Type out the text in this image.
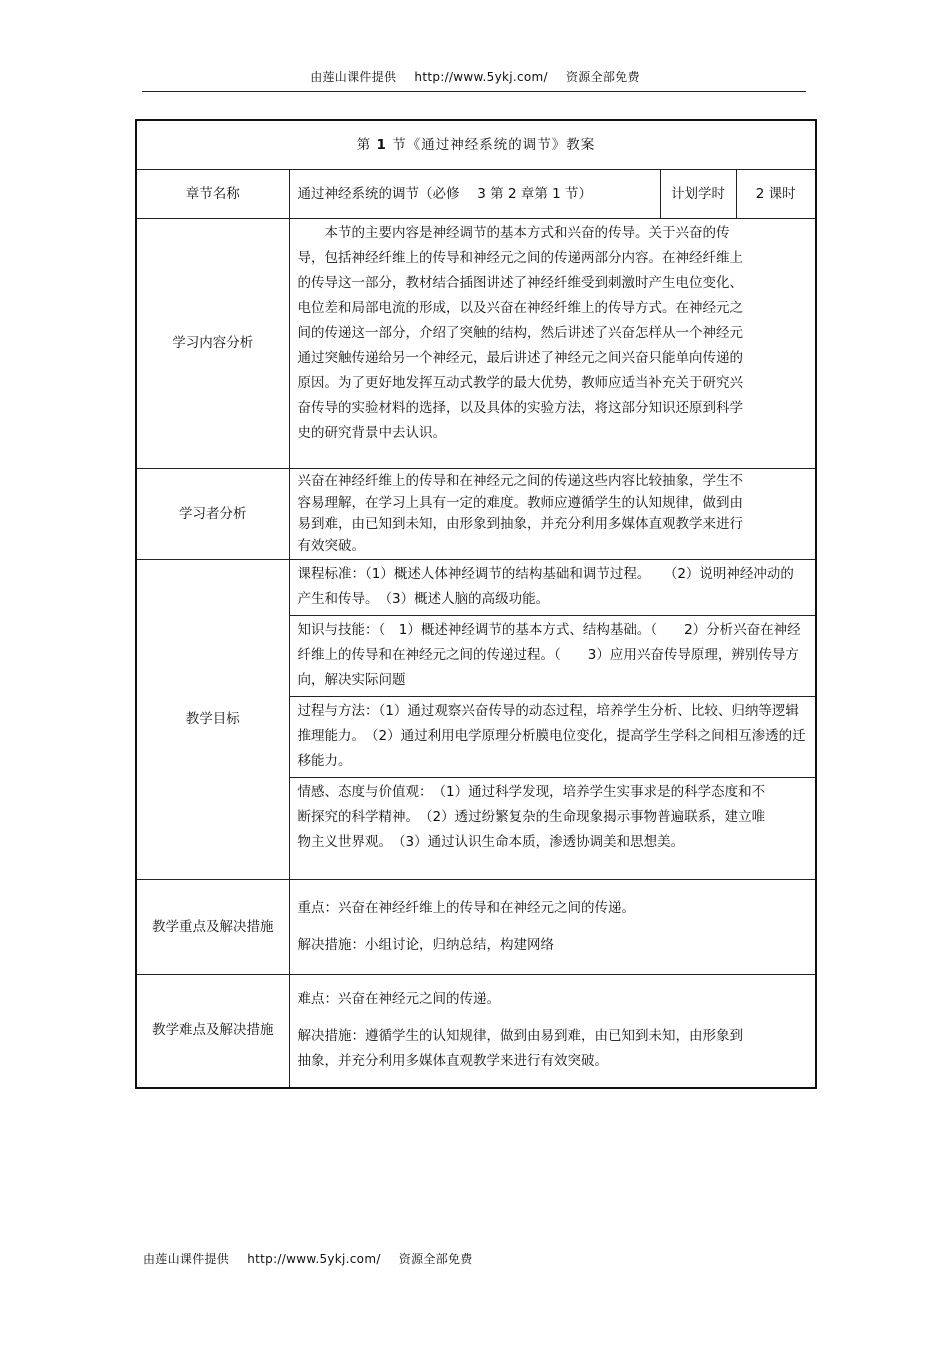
由莲山课件提供 http://www.5ykj.com/ 资源全部免费
第 1 节《通过神经系统的调节》教案			
章节名称	通过神经系统的调节（必修　 3 第 2 章第 1 节）	计划学时	2 课时
学习内容分析	本节的主要内容是神经调节的基本方式和兴奋的传导。关于兴奋的传导，包括神经纤维上的传导和神经元之间的传递两部分内容。在神经纤维上的传导这一部分，教材结合插图讲述了神经纤维受到刺激时产生电位变化、电位差和局部电流的形成，以及兴奋在神经纤维上的传导方式。在神经元之间的传递这一部分，介绍了突触的结构，然后讲述了兴奋怎样从一个神经元通过突触传递给另一个神经元，最后讲述了神经元之间兴奋只能单向传递的原因。为了更好地发挥互动式教学的最大优势，教师应适当补充关于研究兴奋传导的实验材料的选择，以及具体的实验方法，将这部分知识还原到科学史的研究背景中去认识。		
学习者分析	兴奋在神经纤维上的传导和在神经元之间的传递这些内容比较抽象，学生不容易理解，在学习上具有一定的难度。教师应遵循学生的认知规律，做到由易到难，由已知到未知，由形象到抽象，并充分利用多媒体直观教学来进行有效突破。		
教学目标	课程标准：（1）概述人体神经调节的结构基础和调节过程。　　（2）说明神经冲动的产生和传导。　（3）概述人脑的高级功能。		
	知识与技能：（　1）概述神经调节的基本方式、结构基础。（　　2）分析兴奋在神经纤维上的传导和在神经元之间的传递过程。（　　3）应用兴奋传导原理，辨别传导方向，解决实际问题		
	过程与方法：（1）通过观察兴奋传导的动态过程，培养学生分析、比较、归纳等逻辑推理能力。　（2）通过利用电学原理分析膜电位变化，提高学生学科之间相互渗透的迁移能力。		
	情感、态度与价值观：　（1）通过科学发现，培养学生实事求是的科学态度和不断探究的科学精神。　（2）透过纷繁复杂的生命现象揭示事物普遍联系，建立唯物主义世界观。　（3）通过认识生命本质，渗透协调美和思想美。		
教学重点及解决措施	重点：兴奋在神经纤维上的传导和在神经元之间的传递。

解决措施：小组讨论，归纳总结，构建网络		

教学难点及解决措施	难点：兴奋在神经元之间的传递。

解决措施：遵循学生的认知规律，做到由易到难，由已知到未知，由形象到抽象，并充分利用多媒体直观教学来进行有效突破。		

由莲山课件提供 http://www.5ykj.com/ 资源全部免费
